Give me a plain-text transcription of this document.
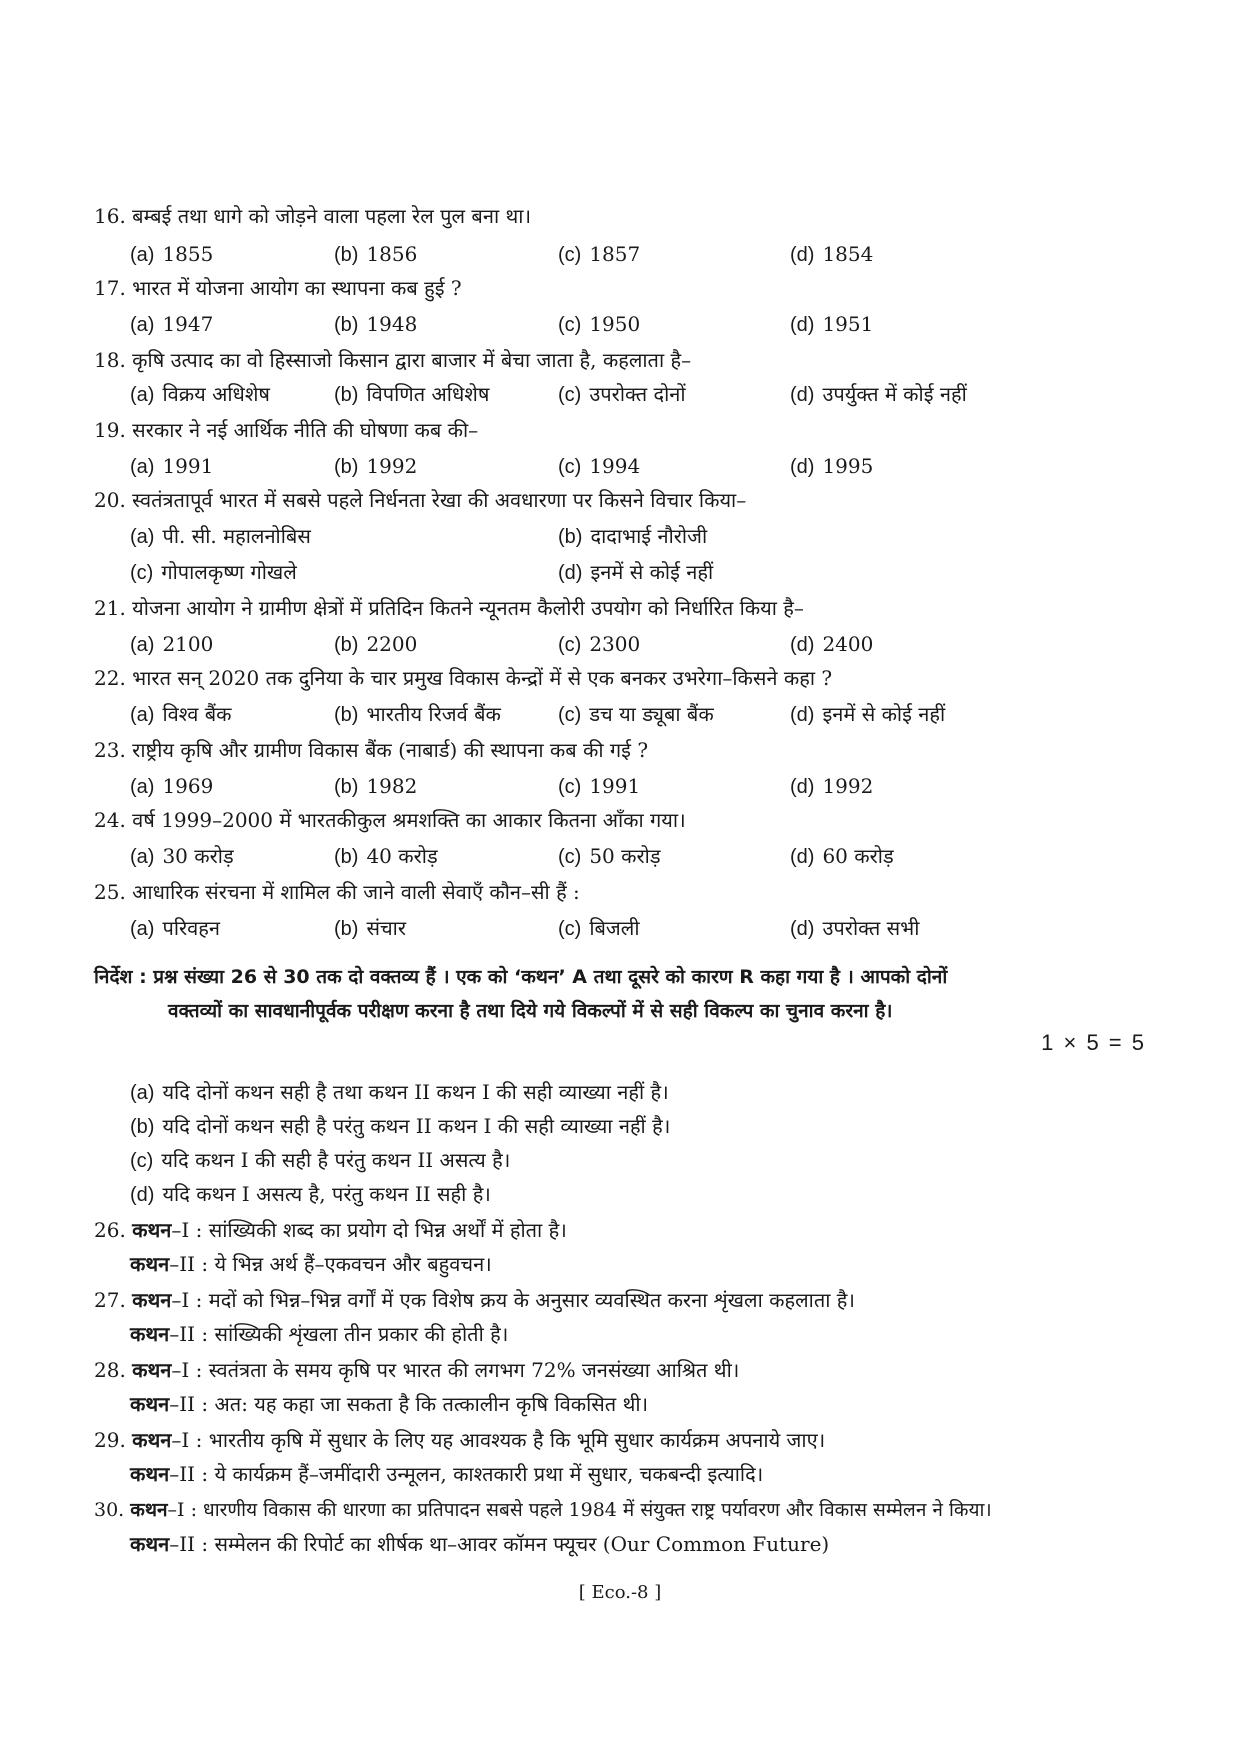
16. बम्बई तथा धागे को जोड़ने वाला पहला रेल पुल बना था।
(a) 1855	(b) 1856	(c) 1857	(d) 1854
17. भारत में योजना आयोग का स्थापना कब हुई ?
(a) 1947	(b) 1948	(c) 1950	(d) 1951
18. कृषि उत्पाद का वो हिस्साजो किसान द्वारा बाजार में बेचा जाता है, कहलाता है–
(a) विक्रय अधिशेष	(b) विपणित अधिशेष	(c) उपरोक्त दोनों	(d) उपर्युक्त में कोई नहीं
19. सरकार ने नई आर्थिक नीति की घोषणा कब की–
(a) 1991	(b) 1992	(c) 1994	(d) 1995
20. स्वतंत्रतापूर्व भारत में सबसे पहले निर्धनता रेखा की अवधारणा पर किसने विचार किया–
(a) पी. सी. महालनोबिस	(b) दादाभाई नौरोजी
(c) गोपालकृष्ण गोखले	(d) इनमें से कोई नहीं
21. योजना आयोग ने ग्रामीण क्षेत्रों में प्रतिदिन कितने न्यूनतम कैलोरी उपयोग को निर्धारित किया है–
(a) 2100	(b) 2200	(c) 2300	(d) 2400
22. भारत सन् 2020 तक दुनिया के चार प्रमुख विकास केन्द्रों में से एक बनकर उभरेगा–किसने कहा ?
(a) विश्व बैंक	(b) भारतीय रिजर्व बैंक	(c) डच या ड्यूबा बैंक	(d) इनमें से कोई नहीं
23. राष्ट्रीय कृषि और ग्रामीण विकास बैंक (नाबार्ड) की स्थापना कब की गई ?
(a) 1969	(b) 1982	(c) 1991	(d) 1992
24. वर्ष 1999–2000 में भारतकीकुल श्रमशक्ति का आकार कितना आँका गया।
(a) 30 करोड़	(b) 40 करोड़	(c) 50 करोड़	(d) 60 करोड़
25. आधारिक संरचना में शामिल की जाने वाली सेवाएँ कौन–सी हैं :
(a) परिवहन	(b) संचार	(c) बिजली	(d) उपरोक्त सभी
निर्देश : प्रश्न संख्या 26 से 30 तक दो वक्तव्य हैं । एक को ‘कथन’ A तथा दूसरे को कारण R कहा गया है । आपको दोनों
वक्तव्यों का सावधानीपूर्वक परीक्षण करना है तथा दिये गये विकल्पों में से सही विकल्प का चुनाव करना है।
1 × 5 = 5
(a) यदि दोनों कथन सही है तथा कथन II कथन I की सही व्याख्या नहीं है।
(b) यदि दोनों कथन सही है परंतु कथन II कथन I की सही व्याख्या नहीं है।
(c) यदि कथन I की सही है परंतु कथन II असत्य है।
(d) यदि कथन I असत्य है, परंतु कथन II सही है।
26. कथन–I : सांख्यिकी शब्द का प्रयोग दो भिन्न अर्थों में होता है।
कथन–II : ये भिन्न अर्थ हैं–एकवचन और बहुवचन।
27. कथन–I : मदों को भिन्न–भिन्न वर्गों में एक विशेष क्रय के अनुसार व्यवस्थित करना शृंखला कहलाता है।
कथन–II : सांख्यिकी शृंखला तीन प्रकार की होती है।
28. कथन–I : स्वतंत्रता के समय कृषि पर भारत की लगभग 72% जनसंख्या आश्रित थी।
कथन–II : अत: यह कहा जा सकता है कि तत्कालीन कृषि विकसित थी।
29. कथन–I : भारतीय कृषि में सुधार के लिए यह आवश्यक है कि भूमि सुधार कार्यक्रम अपनाये जाए।
कथन–II : ये कार्यक्रम हैं–जमींदारी उन्मूलन, काश्तकारी प्रथा में सुधार, चकबन्दी इत्यादि।
30. कथन–I : धारणीय विकास की धारणा का प्रतिपादन सबसे पहले 1984 में संयुक्त राष्ट्र पर्यावरण और विकास सम्मेलन ने किया।
कथन–II : सम्मेलन की रिपोर्ट का शीर्षक था–आवर कॉमन फ्यूचर (Our Common Future)
[ Eco.-8 ]
